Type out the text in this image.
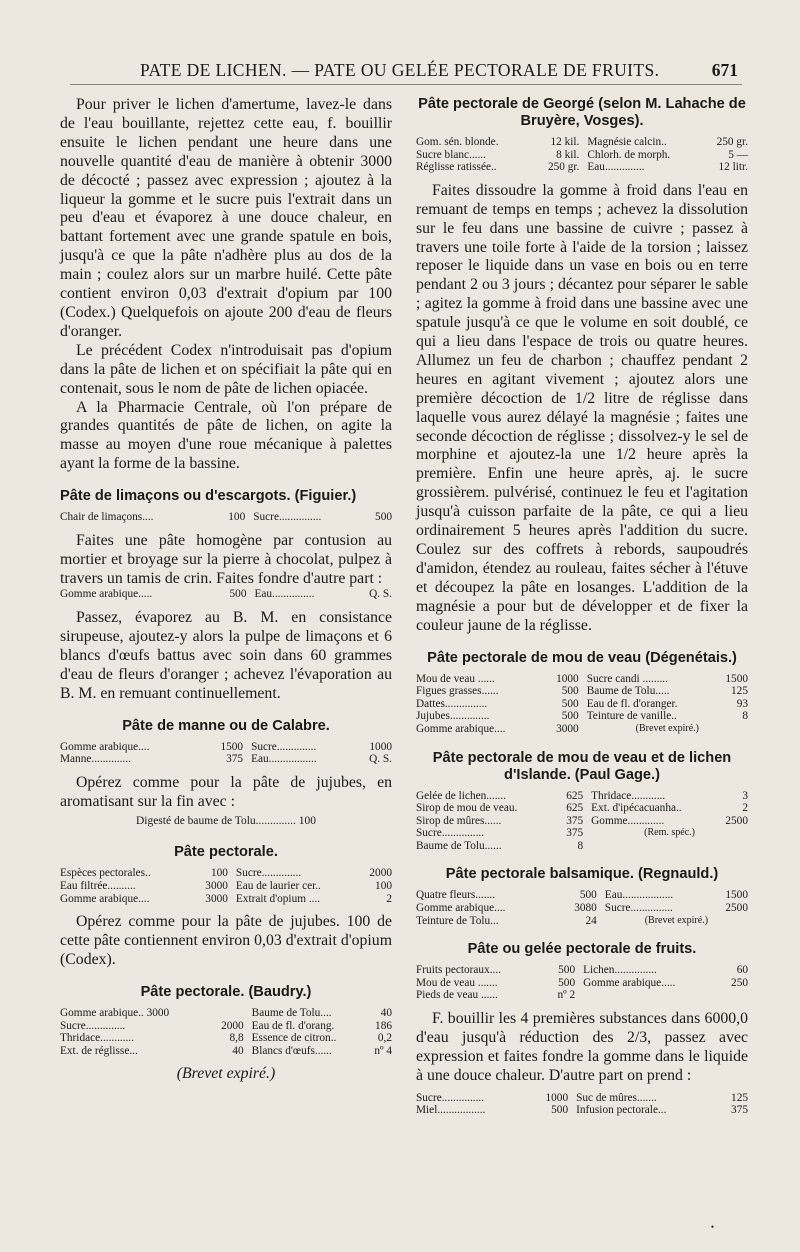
PATE DE LICHEN. — PATE OU GELÉE PECTORALE DE FRUITS.	671

Pour priver le lichen d'amertume, lavez-le dans de l'eau bouillante, rejettez cette eau, f. bouillir ensuite le lichen pendant une heure dans une nouvelle quantité d'eau de manière à obtenir 3000 de décocté ; passez avec expression ; ajoutez à la liqueur la gomme et le sucre puis l'extrait dans un peu d'eau et évaporez à une douce chaleur, en battant fortement avec une grande spatule en bois, jusqu'à ce que la pâte n'adhère plus au dos de la main ; coulez alors sur un marbre huilé. Cette pâte contient environ 0,03 d'extrait d'opium par 100 (Codex.) Quelquefois on ajoute 200 d'eau de fleurs d'oranger.

Le précédent Codex n'introduisait pas d'opium dans la pâte de lichen et on spécifiait la pâte qui en contenait, sous le nom de pâte de lichen opiacée.

A la Pharmacie Centrale, où l'on prépare de grandes quantités de pâte de lichen, on agite la masse au moyen d'une roue mécanique à palettes ayant la forme de la bassine.

Pâte de limaçons ou d'escargots. (Figuier.)
Chair de limaçons....	100	Sucre...............	500

Faites une pâte homogène par contusion au mortier et broyage sur la pierre à chocolat, pulpez à travers un tamis de crin. Faites fondre d'autre part :

Gomme arabique.....	500	Eau...............	Q. S.

Passez, évaporez au B. M. en consistance sirupeuse, ajoutez-y alors la pulpe de limaçons et 6 blancs d'œufs battus avec soin dans 60 grammes d'eau de fleurs d'oranger ; achevez l'évaporation au B. M. en remuant continuellement.

Pâte de manne ou de Calabre.
Gomme arabique....	1500	Sucre..............	1000
Manne..............	375	Eau.................	Q. S.

Opérez comme pour la pâte de jujubes, en aromatisant sur la fin avec :

Digesté de baume de Tolu.............. 100

Pâte pectorale.
Espèces pectorales..	100	Sucre..............	2000
Eau filtrée..........	3000	Eau de laurier cer..	100
Gomme arabique....	3000	Extrait d'opium ....	2

Opérez comme pour la pâte de jujubes. 100 de cette pâte contiennent environ 0,03 d'extrait d'opium (Codex).

Pâte pectorale. (Baudry.)
Gomme arabique.. 3000		Baume de Tolu....	40
Sucre..............	2000	Eau de fl. d'orang.	186
Thridace............	8,8	Essence de citron..	0,2
Ext. de réglisse...	40	Blancs d'œufs......	nº 4

(Brevet expiré.)

Pâte pectorale de Georgé (selon M. Lahache de Bruyère, Vosges).
Gom. sén. blonde.	12 kil.	Magnésie calcin..	250 gr.
Sucre blanc......	8 kil.	Chlorh. de morph.	5 —
Réglisse ratissée..	250 gr.	Eau..............	12 litr.

Faites dissoudre la gomme à froid dans l'eau en remuant de temps en temps ; achevez la dissolution sur le feu dans une bassine de cuivre ; passez à travers une toile forte à l'aide de la torsion ; laissez reposer le liquide dans un vase en bois ou en terre pendant 2 ou 3 jours ; décantez pour séparer le sable ; agitez la gomme à froid dans une bassine avec une spatule jusqu'à ce que le volume en soit doublé, ce qui a lieu dans l'espace de trois ou quatre heures. Allumez un feu de charbon ; chauffez pendant 2 heures en agitant vivement ; ajoutez alors une première décoction de 1/2 litre de réglisse dans laquelle vous aurez délayé la magnésie ; faites une seconde décoction de réglisse ; dissolvez-y le sel de morphine et ajoutez-la une 1/2 heure après la première. Enfin une heure après, aj. le sucre grossièrem. pulvérisé, continuez le feu et l'agitation jusqu'à cuisson parfaite de la pâte, ce qui a lieu ordinairement 5 heures après l'addition du sucre. Coulez sur des coffrets à rebords, saupoudrés d'amidon, étendez au rouleau, faites sécher à l'étuve et découpez la pâte en losanges. L'addition de la magnésie a pour but de développer et de fixer la couleur jaune de la réglisse.

Pâte pectorale de mou de veau (Dégenétais.)
Mou de veau ......	1000	Sucre candi .........	1500	
Figues grasses......	500	Baume de Tolu.....	125	
Dattes...............	500	Eau de fl. d'oranger.	93	
Jujubes..............	500	Teinture de vanille..	8	
Gomme arabique....	3000	(Brevet expiré.)		
Pâte pectorale de mou de veau et de lichen d'Islande. (Paul Gage.)
Gelée de lichen.......	625	Thridace............	3	
Sirop de mou de veau.	625	Ext. d'ipécacuanha..	2	
Sirop de mûres......	375	Gomme.............	2500	
Sucre...............	375	(Rem. spéc.)		
Baume de Tolu......	8			
Pâte pectorale balsamique. (Regnauld.)
Quatre fleurs.......	500	Eau..................	1500	
Gomme arabique....	3080	Sucre...............	2500	
Teinture de Tolu...	24	(Brevet expiré.)		
Pâte ou gelée pectorale de fruits.
Fruits pectoraux....	500	Lichen...............	60
Mou de veau .......	500	Gomme arabique.....	250
Pieds de veau ......	nº 2		

F. bouillir les 4 premières substances dans 6000,0 d'eau jusqu'à réduction des 2/3, passez avec expression et faites fondre la gomme dans le liquide à une douce chaleur. D'autre part on prend :

Sucre...............	1000	Suc de mûres.......	125
Miel.................	500	Infusion pectorale...	375
•
